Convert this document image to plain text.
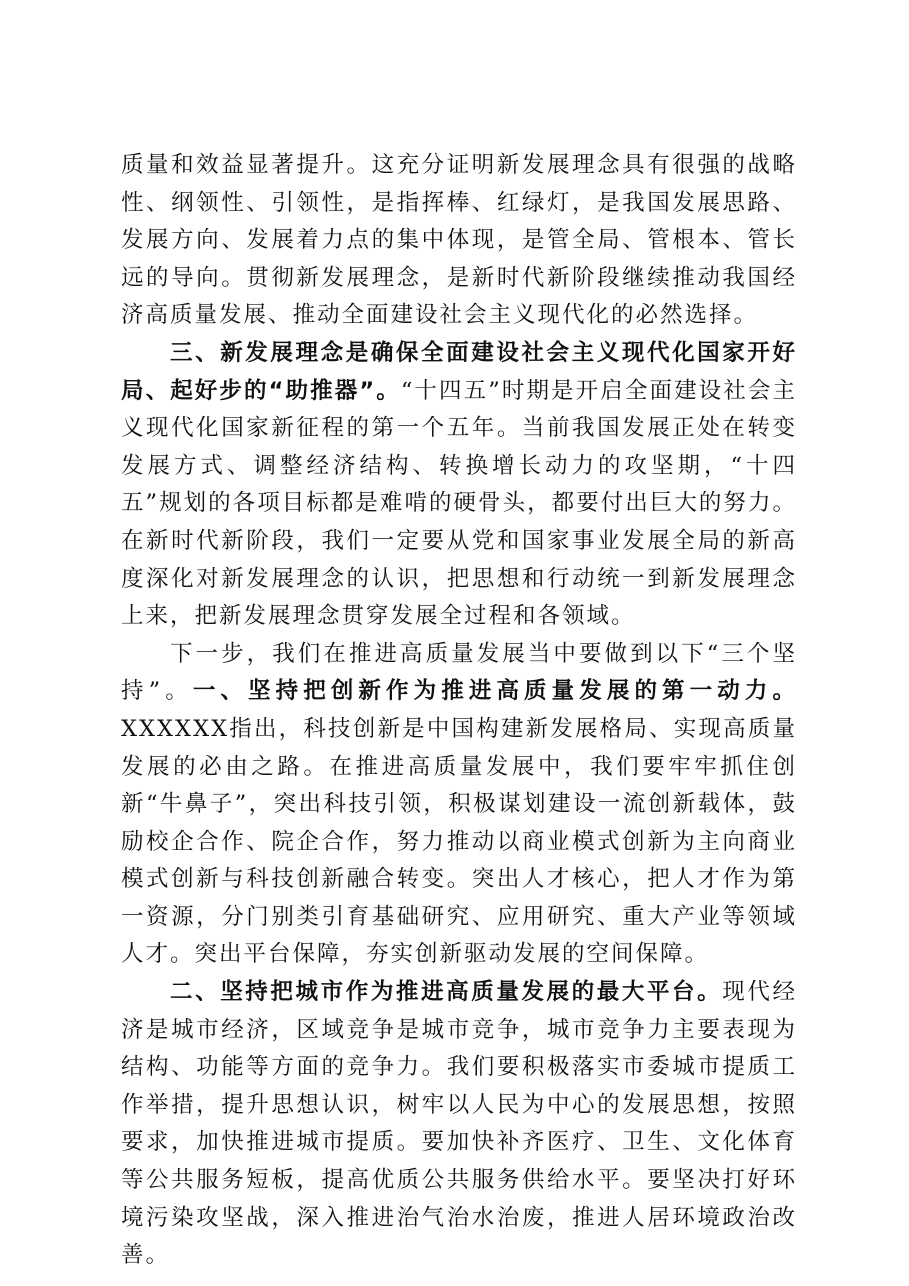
质量和效益显著提升。这充分证明新发展理念具有很强的战略性、纲领性、引领性，是指挥棒、红绿灯，是我国发展思路、发展方向、发展着力点的集中体现，是管全局、管根本、管长远的导向。贯彻新发展理念，是新时代新阶段继续推动我国经济高质量发展、推动全面建设社会主义现代化的必然选择。

三、新发展理念是确保全面建设社会主义现代化国家开好局、起好步的“助推器”。“十四五”时期是开启全面建设社会主义现代化国家新征程的第一个五年。当前我国发展正处在转变发展方式、调整经济结构、转换增长动力的攻坚期，“十四五”规划的各项目标都是难啃的硬骨头，都要付出巨大的努力。在新时代新阶段，我们一定要从党和国家事业发展全局的新高度深化对新发展理念的认识，把思想和行动统一到新发展理念上来，把新发展理念贯穿发展全过程和各领域。

下一步，我们在推进高质量发展当中要做到以下“三个坚持”。一、坚持把创新作为推进高质量发展的第一动力。XXXXXX指出，科技创新是中国构建新发展格局、实现高质量发展的必由之路。在推进高质量发展中，我们要牢牢抓住创新“牛鼻子”，突出科技引领，积极谋划建设一流创新载体，鼓励校企合作、院企合作，努力推动以商业模式创新为主向商业模式创新与科技创新融合转变。突出人才核心，把人才作为第一资源，分门别类引育基础研究、应用研究、重大产业等领域人才。突出平台保障，夯实创新驱动发展的空间保障。

二、坚持把城市作为推进高质量发展的最大平台。现代经济是城市经济，区域竞争是城市竞争，城市竞争力主要表现为结构、功能等方面的竞争力。我们要积极落实市委城市提质工作举措，提升思想认识，树牢以人民为中心的发展思想，按照要求，加快推进城市提质。要加快补齐医疗、卫生、文化体育等公共服务短板，提高优质公共服务供给水平。要坚决打好环境污染攻坚战，深入推进治气治水治废，推进人居环境政治改善。
